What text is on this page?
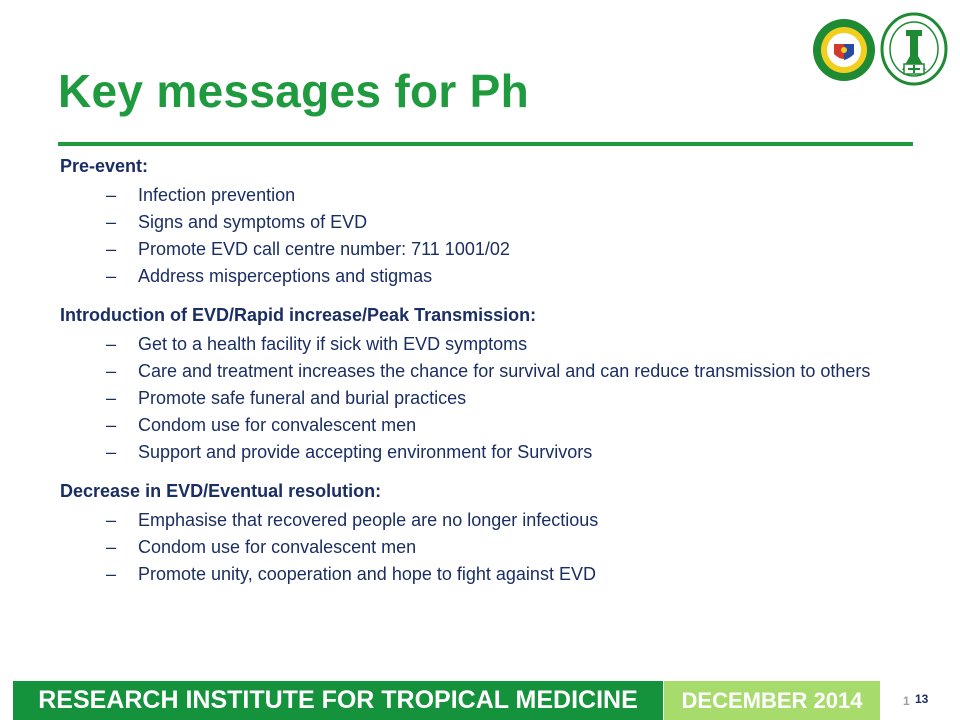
Key messages for Ph
Pre-event:
– Infection prevention
– Signs and symptoms of EVD
– Promote EVD call centre number: 711 1001/02
– Address misperceptions and stigmas
Introduction of EVD/Rapid increase/Peak Transmission:
– Get to a health facility if sick with EVD symptoms
– Care and treatment increases the chance for survival and can reduce transmission to others
– Promote safe funeral and burial practices
– Condom use for convalescent men
– Support and provide accepting environment for Survivors
Decrease in EVD/Eventual resolution:
– Emphasise that recovered people are no longer infectious
– Condom use for convalescent men
– Promote unity, cooperation and hope to fight against EVD
RESEARCH INSTITUTE FOR TROPICAL MEDICINE DECEMBER 2014	1 13
